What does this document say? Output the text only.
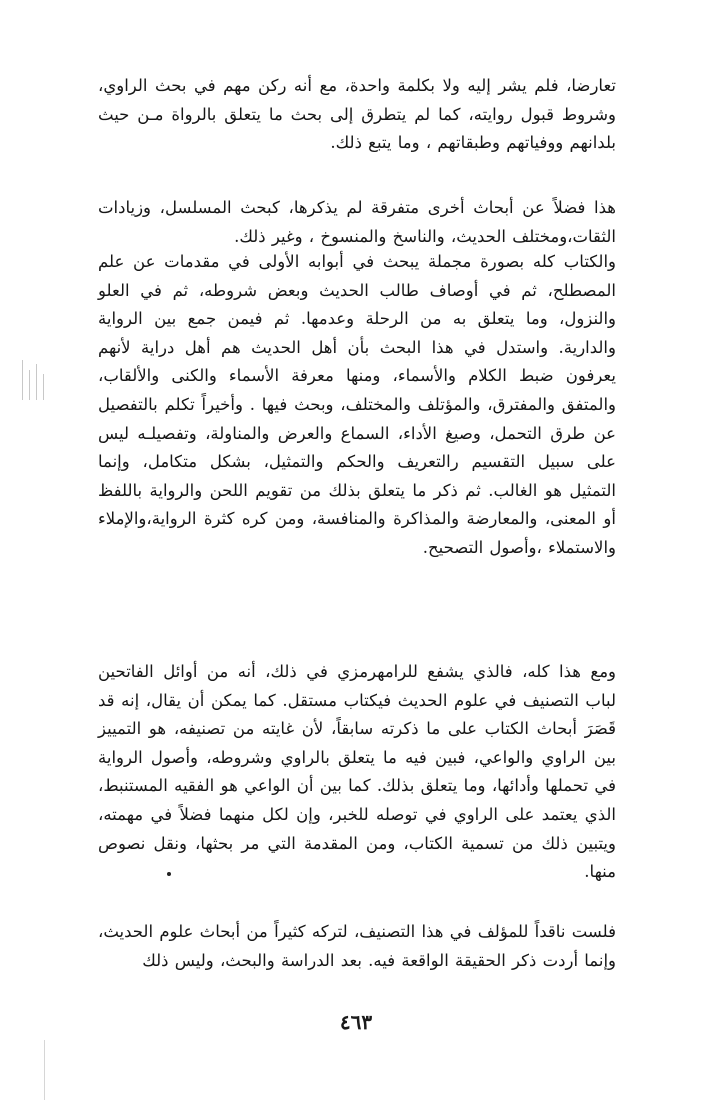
تعارضا، فلم يشر إليه ولا بكلمة واحدة، مع أنه ركن مهم في بحث الراوي، وشروط قبول روايته، كما لم يتطرق إلى بحث ما يتعلق بالرواة مـن حيث بلدانهم ووفياتهم وطبقاتهم ، وما يتبع ذلك.

هذا فضلاً عن أبحاث أخرى متفرقة لم يذكرها، كبحث المسلسل، وزيادات الثقات،ومختلف الحديث، والناسخ والمنسوخ ، وغير ذلك.

والكتاب كله بصورة مجملة يبحث في أبوابه الأولى في مقدمات عن علم المصطلح، ثم في أوصاف طالب الحديث وبعض شروطه، ثم في العلو والنزول، وما يتعلق به من الرحلة وعدمها. ثم فيمن جمع بين الرواية والدارية. واستدل في هذا البحث بأن أهل الحديث هم أهل دراية لأنهم يعرفون ضبط الكلام والأسماء، ومنها معرفة الأسماء والكنى والألقاب، والمتفق والمفترق، والمؤتلف والمختلف، وبحث فيها . وأخيراً تكلم بالتفصيل عن طرق التحمل، وصيغ الأداء، السماع والعرض والمناولة، وتفصيلـه ليس على سبيل التقسيم رالتعريف والحكم والتمثيل، بشكل متكامل، وإنما التمثيل هو الغالب. ثم ذكر ما يتعلق بذلك من تقويم اللحن والرواية باللفظ أو المعنى، والمعارضة والمذاكرة والمنافسة، ومن كره كثرة الرواية،والإملاء والاستملاء ،وأصول التصحيح.

ومع هذا كله، فالذي يشفع للرامهرمزي في ذلك، أنه من أوائل الفاتحين لباب التصنيف في علوم الحديث فيكتاب مستقل. كما يمكن أن يقال، إنه قد قَصَرَ أبحاث الكتاب على ما ذكرته سابقاً، لأن غايته من تصنيفه، هو التمييز بين الراوي والواعي، فبين فيه ما يتعلق بالراوي وشروطه، وأصول الرواية في تحملها وأدائها، وما يتعلق بذلك. كما بين أن الواعي هو الفقيه المستنبط، الذي يعتمد على الراوي في توصله للخبر، وإن لكل منهما فضلاً في مهمته، ويتبين ذلك من تسمية الكتاب، ومن المقدمة التي مر بحثها، ونقل نصوص منها.

فلست ناقداً للمؤلف في هذا التصنيف، لتركه كثيراً من أبحاث علوم الحديث، وإنما أردت ذكر الحقيقة الواقعة فيه. بعد الدراسة والبحث، وليس ذلك

٤٦٣
